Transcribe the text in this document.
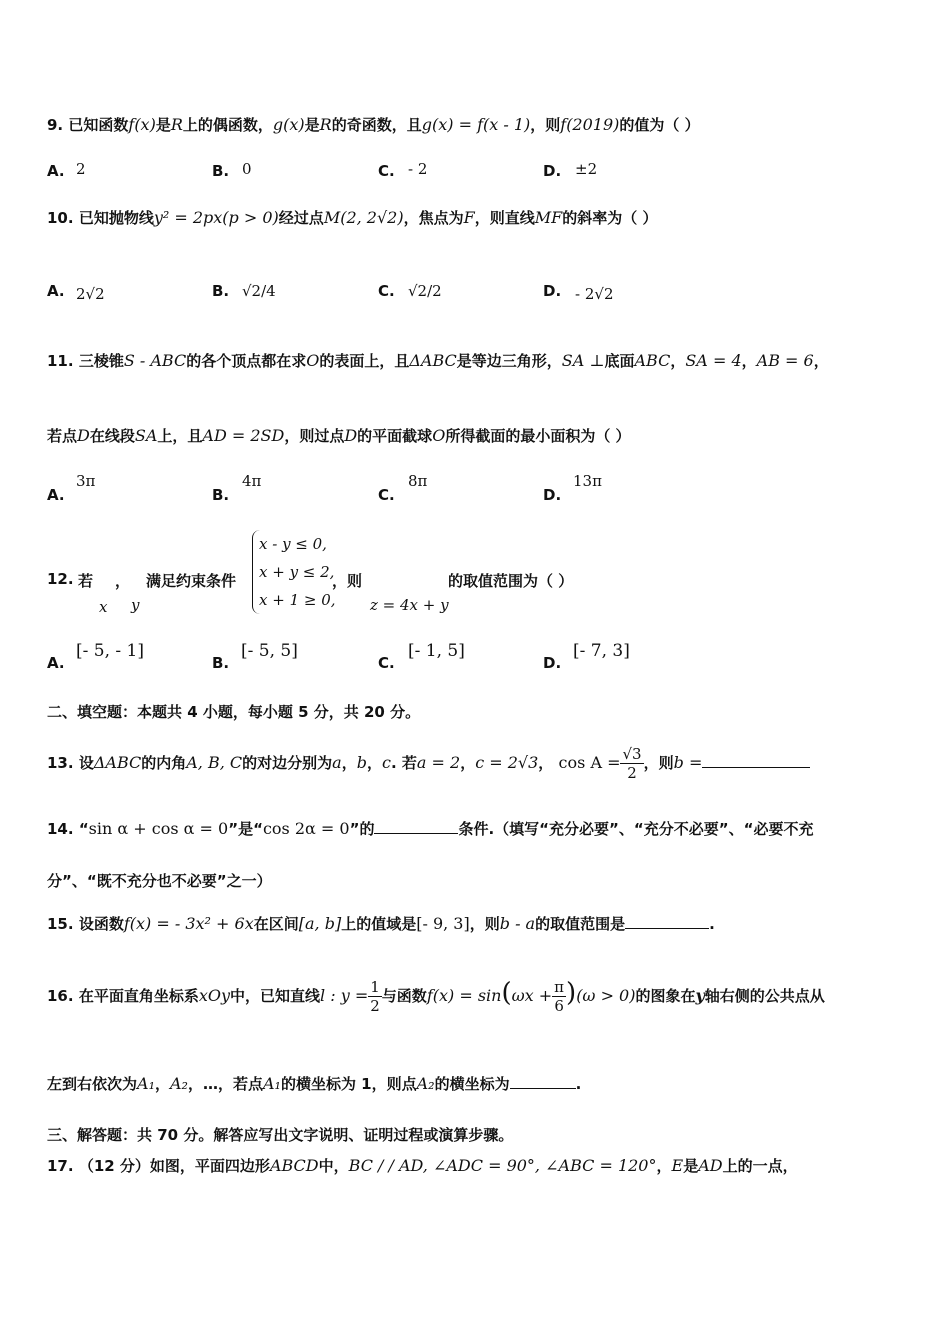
9. 已知函数f(x)是R上的偶函数，g(x)是R的奇函数，且g(x) = f(x - 1)，则f(2019)的值为（ ）
A. 2	B. 0	C. - 2	D. ±2
10. 已知抛物线y² = 2px(p > 0)经过点M(2, 2√2)，焦点为F，则直线MF的斜率为（ ）
A. 2√2	B. √2/4	C. √2/2	D. - 2√2
11. 三棱锥S - ABC的各个顶点都在求O的表面上，且ΔABC是等边三角形，SA ⊥底面ABC，SA = 4，AB = 6，
若点D在线段SA上，且AD = 2SD，则过点D的平面截球O所得截面的最小面积为（ ）
A.
3π
B.
4π
C.
8π
D.
13π
12. 若
x
，
y
满足约束条件
x - y ≤ 0,
x + y ≤ 2,
x + 1 ≥ 0,
，则
z = 4x + y
的取值范围为（ ）
A.
[- 5, - 1]
B.
[- 5, 5]
C.
[- 1, 5]
D.
[- 7, 3]
二、填空题：本题共 4 小题，每小题 5 分，共 20 分。
13. 设ΔABC的内角A, B, C的对边分别为a，b，c. 若a = 2，c = 2√3， $\cos A = \frac{√3}{2}$ ，则b =
14. “sin α + cos α = 0”是“cos 2α = 0”的	条件.（填写“充分必要”、“充分不必要”、“必要不充
分”、“既不充分也不必要”之一）
15. 设函数f(x) = - 3x² + 6x在区间[a, b]上的值域是[- 9, 3]，则b - a的取值范围是	.
16. 在平面直角坐标系xOy中，已知直线l : $y = \frac{1}{2}$ 与函数$f(x) = \sin(\omega x + \frac{\pi}{6} )(\omega > 0)$的图象在y轴右侧的公共点从
左到右依次为A₁，A₂，…，若点A₁的横坐标为 1，则点A₂的横坐标为	.
三、解答题：共 70 分。解答应写出文字说明、证明过程或演算步骤。
17. （12 分）如图，平面四边形ABCD中，BC / / AD, ∠ADC = 90°, ∠ABC = 120°，E是AD上的一点，
